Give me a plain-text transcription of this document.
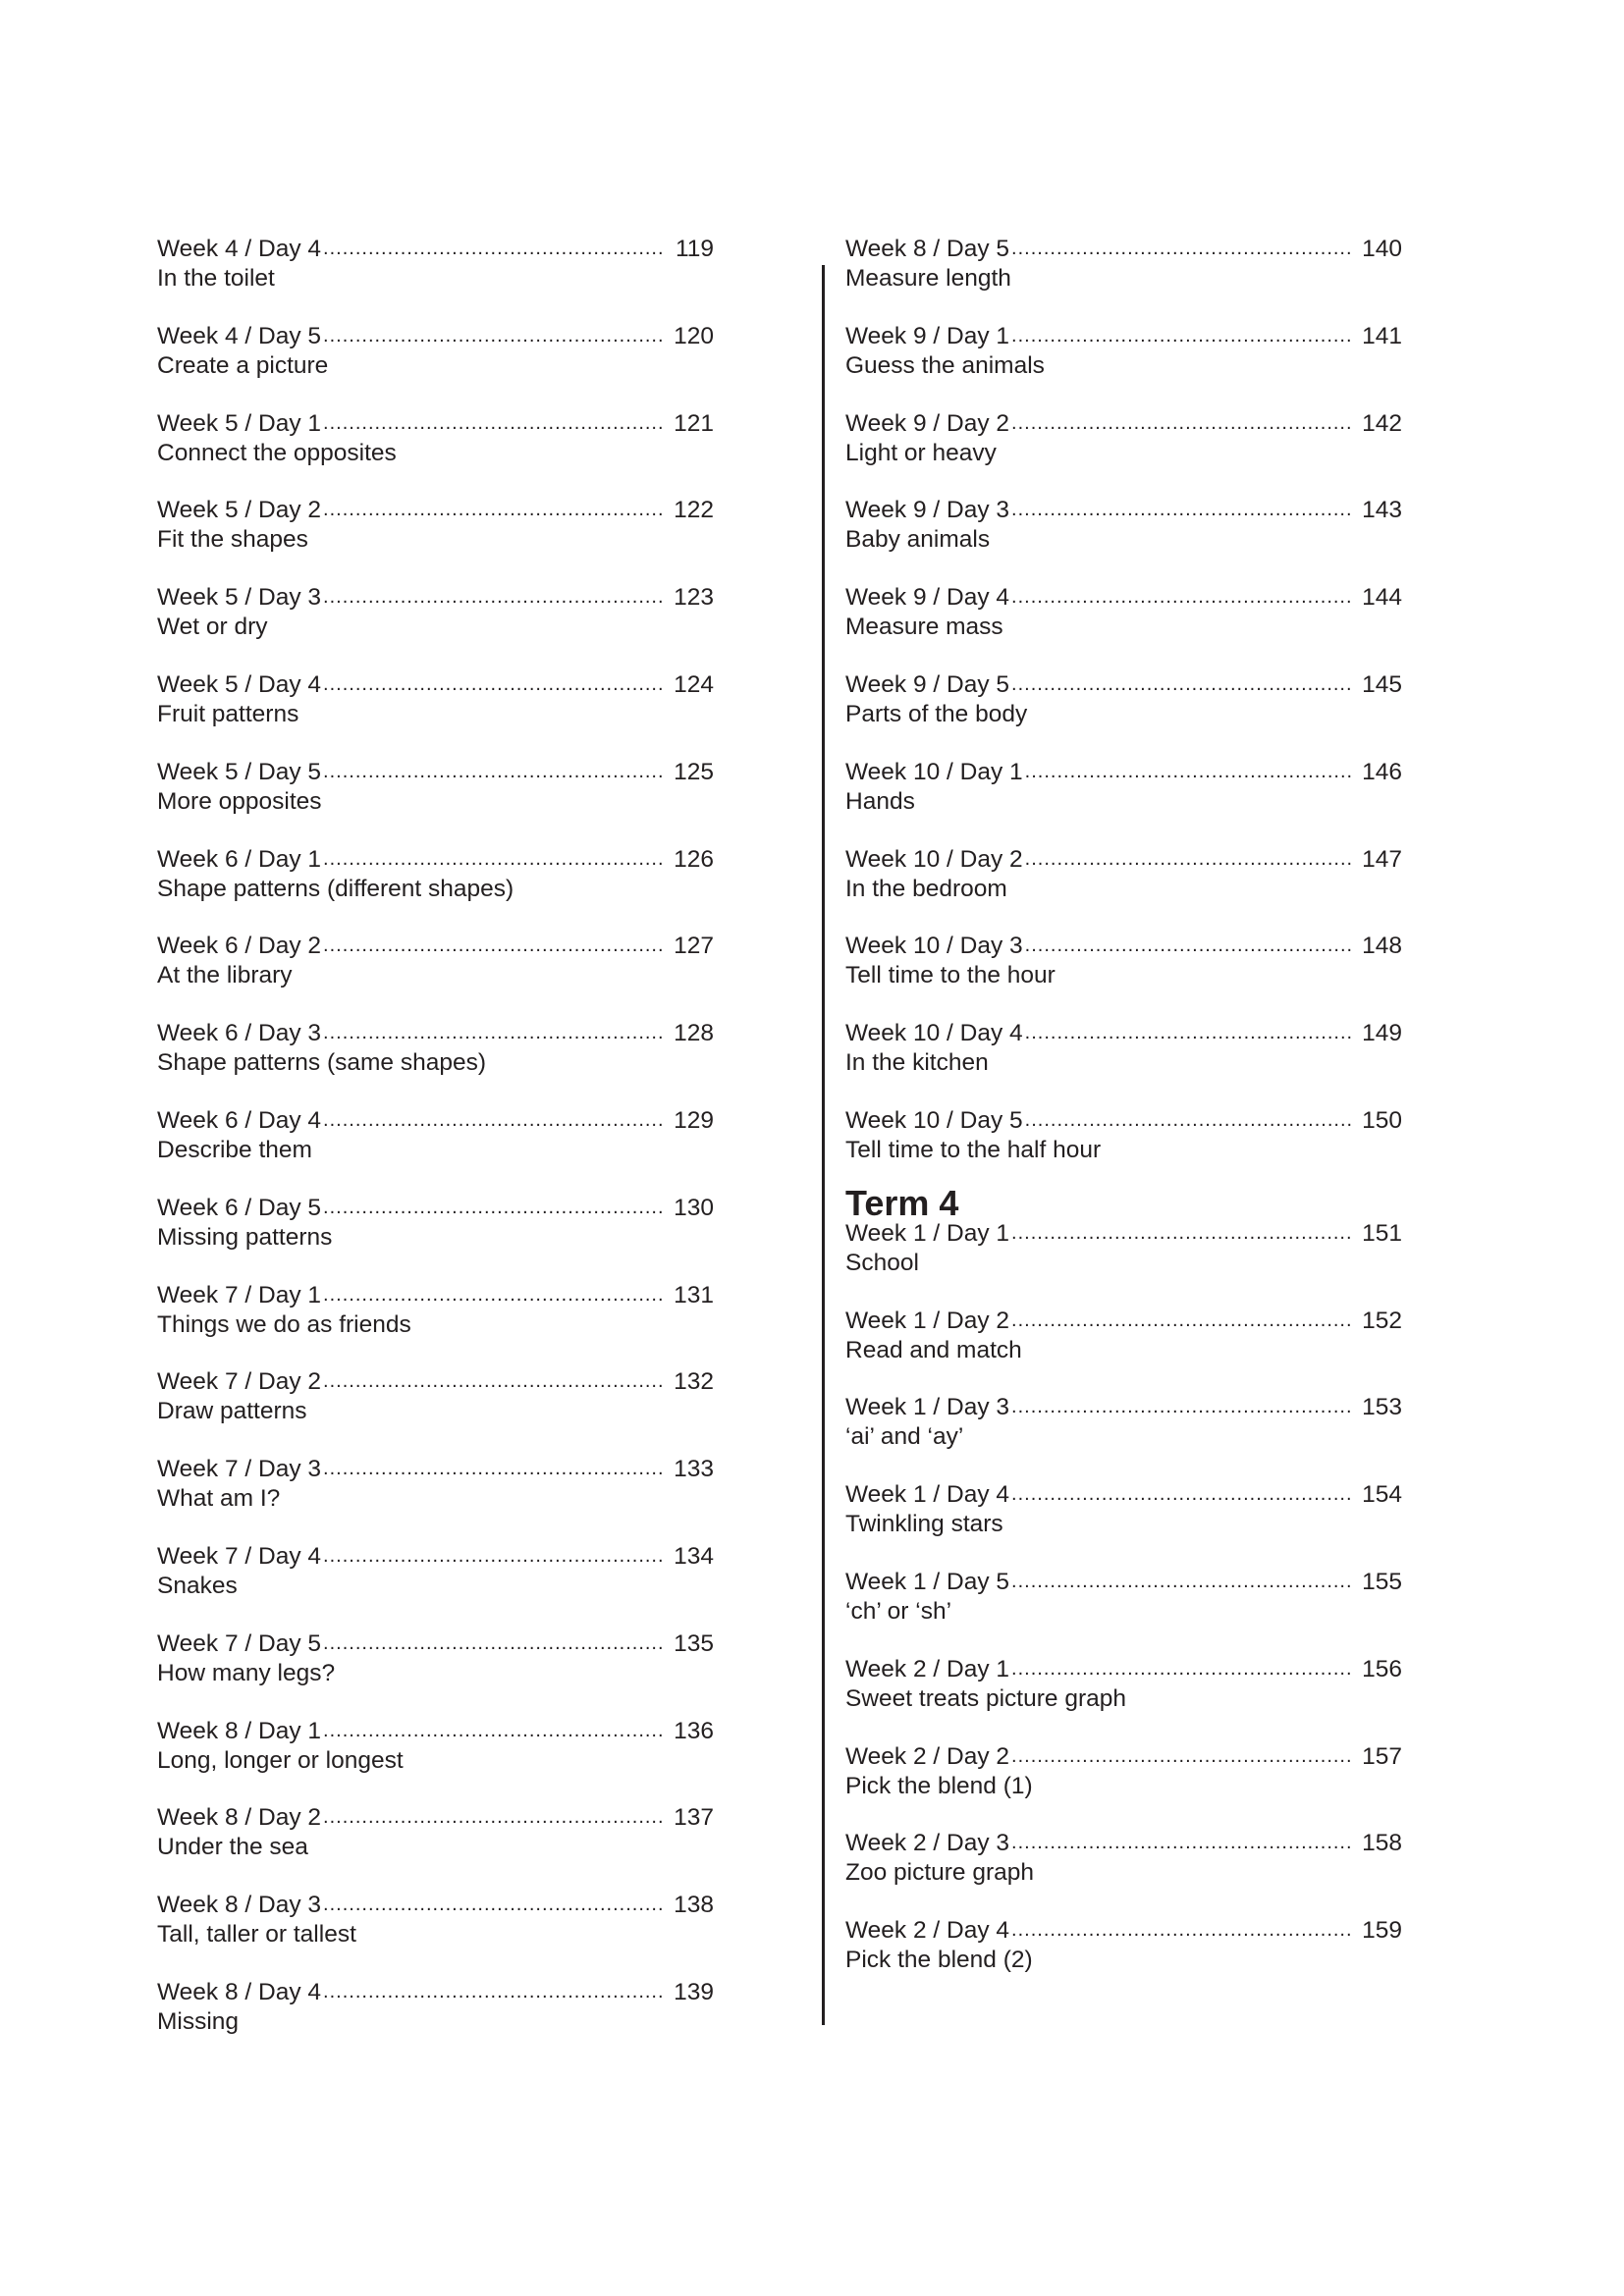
Week 4 / Day 4 .....	119
In the toilet
Week 4 / Day 5 .....	120
Create a picture
Week 5 / Day 1 .....	121
Connect the opposites
Week 5 / Day 2 .....	122
Fit the shapes
Week 5 / Day 3 .....	123
Wet or dry
Week 5 / Day 4 .....	124
Fruit patterns
Week 5 / Day 5 .....	125
More opposites
Week 6 / Day 1 .....	126
Shape patterns (different shapes)
Week 6 / Day 2 .....	127
At the library
Week 6 / Day 3 .....	128
Shape patterns (same shapes)
Week 6 / Day 4 .....	129
Describe them
Week 6 / Day 5 .....	130
Missing patterns
Week 7 / Day 1 .....	131
Things we do as friends
Week 7 / Day 2 .....	132
Draw patterns
Week 7 / Day 3 .....	133
What am I?
Week 7 / Day 4 .....	134
Snakes
Week 7 / Day 5 .....	135
How many legs?
Week 8 / Day 1 .....	136
Long, longer or longest
Week 8 / Day 2 .....	137
Under the sea
Week 8 / Day 3 .....	138
Tall, taller or tallest
Week 8 / Day 4 .....	139
Missing
Week 8 / Day 5 .....	140
Measure length
Week 9 / Day 1 .....	141
Guess the animals
Week 9 / Day 2 .....	142
Light or heavy
Week 9 / Day 3 .....	143
Baby animals
Week 9 / Day 4 .....	144
Measure mass
Week 9 / Day 5 .....	145
Parts of the body
Week 10 / Day 1 .....	146
Hands
Week 10 / Day 2 .....	147
In the bedroom
Week 10 / Day 3 .....	148
Tell time to the hour
Week 10 / Day 4 .....	149
In the kitchen
Week 10 / Day 5 .....	150
Tell time to the half hour
Term 4
Week 1 / Day 1 .....	151
School
Week 1 / Day 2 .....	152
Read and match
Week 1 / Day 3 .....	153
‘ai’ and ‘ay’
Week 1 / Day 4 .....	154
Twinkling stars
Week 1 / Day 5 .....	155
‘ch’ or ‘sh’
Week 2 / Day 1 .....	156
Sweet treats picture graph
Week 2 / Day 2 .....	157
Pick the blend (1)
Week 2 / Day 3 .....	158
Zoo picture graph
Week 2 / Day 4 .....	159
Pick the blend (2)
